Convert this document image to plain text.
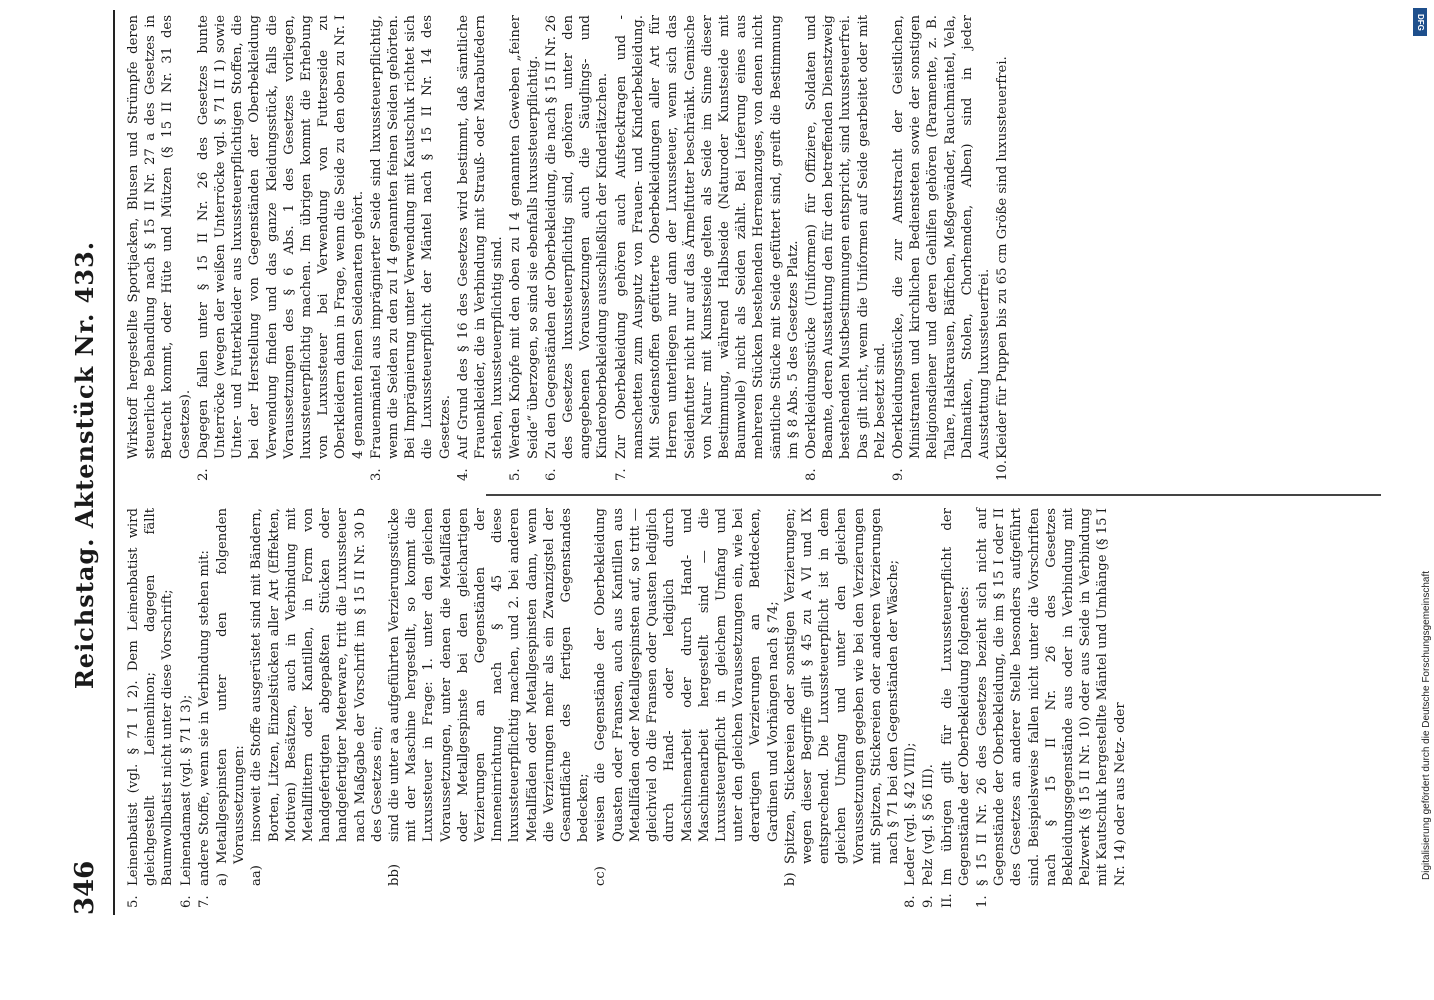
346
Reichstag. Aktenstück Nr. 433.
5.
Leinenbatist (vgl. § 71 I 2). Dem Leinenbatist wird gleichgestellt Leinenlinon; dagegen fällt Baumwollbatist nicht unter diese Vorschrift;
6.
Leinendamast (vgl. § 71 I 3);
7.
andere Stoffe, wenn sie in Verbindung stehen mit: a)
Metallgespinsten unter den folgenden Voraussetzungen:
aa)
insoweit die Stoffe ausgerüstet sind mit Bändern, Borten, Litzen, Einzelstücken aller Art (Effekten, Motiven) Besätzen, auch in Verbindung mit Metallflittern oder Kantillen, in Form von handgefertigten abgepaßten Stücken oder handgefertigter Meterware, tritt die Luxussteuer nach Maßgabe der Vorschrift im § 15 II Nr. 30 b des Gesetzes ein;
bb)
sind die unter aa aufgeführten Verzierungsstücke mit der Maschine hergestellt, so kommt die Luxussteuer in Frage: 1. unter den gleichen Voraussetzungen, unter denen die Metallfäden oder Metallgespinste bei den gleichartigen Verzierungen an Gegenständen der Inneneinrichtung nach § 45 diese luxussteuerpflichtig machen, und 2. bei anderen Metallfäden oder Metallgespinsten dann, wenn die Verzierungen mehr als ein Zwanzigstel der Gesamtfläche des fertigen Gegenstandes bedecken;
cc)
weisen die Gegenstände der Oberbekleidung Quasten oder Fransen, auch aus Kantillen aus Metallfäden oder Metallgespinsten auf, so tritt — gleichviel ob die Fransen oder Quasten lediglich durch Hand- oder lediglich durch Maschinenarbeit oder durch Hand- und Maschinenarbeit hergestellt sind — die Luxussteuerpflicht in gleichem Umfang und unter den gleichen Voraussetzungen ein, wie bei derartigen Verzierungen an Bettdecken, Gardinen und Vorhängen nach § 74;
b)
Spitzen, Stickereien oder sonstigen Verzierungen; wegen dieser Begriffe gilt § 45 zu A VI und IX entsprechend. Die Luxussteuerpflicht ist in dem gleichen Umfang und unter den gleichen Voraussetzungen gegeben wie bei den Verzierungen mit Spitzen, Stickereien oder anderen Verzierungen nach § 71 bei den Gegenständen der Wäsche;
8.
Leder (vgl. § 42 VIII);
9.
Pelz (vgl. § 56 III).
II.
Im übrigen gilt für die Luxussteuerpflicht der Gegenstände der Oberbekleidung folgendes:
1.
§ 15 II Nr. 26 des Gesetzes bezieht sich nicht auf Gegenstände der Oberbekleidung, die im § 15 I oder II des Gesetzes an anderer Stelle besonders aufgeführt sind. Beispielsweise fallen nicht unter die Vorschriften nach § 15 II Nr. 26 des Gesetzes Bekleidungsgegenstände aus oder in Verbindung mit Pelzwerk (§ 15 II Nr. 10) oder aus Seide in Verbindung mit Kautschuk hergestellte Mäntel und Umhänge (§ 15 I Nr. 14) oder aus Netz- oder
Wirkstoff hergestellte Sportjacken, Blusen und Strümpfe deren steuerliche Behandlung nach § 15 II Nr. 27 a des Gesetzes in Betracht kommt, oder Hüte und Mützen (§ 15 II Nr. 31 des Gesetzes).
2.
Dagegen fallen unter § 15 II Nr. 26 des Gesetzes bunte Unterröcke (wegen der weißen Unterröcke vgl. § 71 II 1) sowie Unter- und Futterkleider aus luxussteuerpflichtigen Stoffen, die bei der Herstellung von Gegenständen der Oberbekleidung Verwendung finden und das ganze Kleidungsstück, falls die Voraussetzungen des § 6 Abs. 1 des Gesetzes vorliegen, luxussteuerpflichtig machen. Im übrigen kommt die Erhebung von Luxussteuer bei Verwendung von Futterseide zu Oberkleidern dann in Frage, wenn die Seide zu den oben zu Nr. I 4 genannten feinen Seidenarten gehört.
3.
Frauenmäntel aus imprägnierter Seide sind luxussteuerpflichtig, wenn die Seiden zu den zu I 4 genannten feinen Seiden gehörten. Bei Imprägnierung unter Verwendung mit Kautschuk richtet sich die Luxussteuerpflicht der Mäntel nach § 15 II Nr. 14 des Gesetzes.
4.
Auf Grund des § 16 des Gesetzes wird bestimmt, daß sämtliche Frauenkleider, die in Verbindung mit Strauß- oder Marabufedern stehen, luxussteuerpflichtig sind.
5.
Werden Knöpfe mit den oben zu I 4 genannten Geweben „feiner Seide“ überzogen, so sind sie ebenfalls luxussteuerpflichtig.
6.
Zu den Gegenständen der Oberbekleidung, die nach § 15 II Nr. 26 des Gesetzes luxussteuerpflichtig sind, gehören unter den angegebenen Voraussetzungen auch die Säuglings- und Kinderoberbekleidung ausschließlich der Kinderlätzchen.
7.
Zur Oberbekleidung gehören auch Aufstecktragen und -manschetten zum Ausputz von Frauen- und Kinderbekleidung. Mit Seidenstoffen gefütterte Oberbekleidungen aller Art für Herren unterliegen nur dann der Luxussteuer, wenn sich das Seidenfutter nicht nur auf das Ärmelfutter beschränkt. Gemische von Natur- mit Kunstseide gelten als Seide im Sinne dieser Bestimmung, während Halbseide (Naturoder Kunstseide mit Baumwolle) nicht als Seiden zählt. Bei Lieferung eines aus mehreren Stücken bestehenden Herrenanzuges, von denen nicht sämtliche Stücke mit Seide gefüttert sind, greift die Bestimmung im § 8 Abs. 5 des Gesetzes Platz.
8.
Oberkleidungsstücke (Uniformen) für Offiziere, Soldaten und Beamte, deren Ausstattung den für den betreffenden Dienstzweig bestehenden Mustbestimmungen entspricht, sind luxussteuerfrei. Das gilt nicht, wenn die Uniformen auf Seide gearbeitet oder mit Pelz besetzt sind.
9.
Oberkleidungsstücke, die zur Amtstracht der Geistlichen, Ministranten und kirchlichen Bediensteten sowie der sonstigen Religionsdiener und deren Gehilfen gehören (Paramente, z. B. Talare, Halskrausen, Bäffchen, Meßgewänder, Rauchmäntel, Vela, Dalmatiken, Stolen, Chorhemden, Alben) sind in jeder Ausstattung luxussteuerfrei.
10.
Kleider für Puppen bis zu 65 cm Größe sind luxussteuerfrei.
DFG
Digitalisierung gefördert durch die Deutsche Forschungsgemeinschaft
